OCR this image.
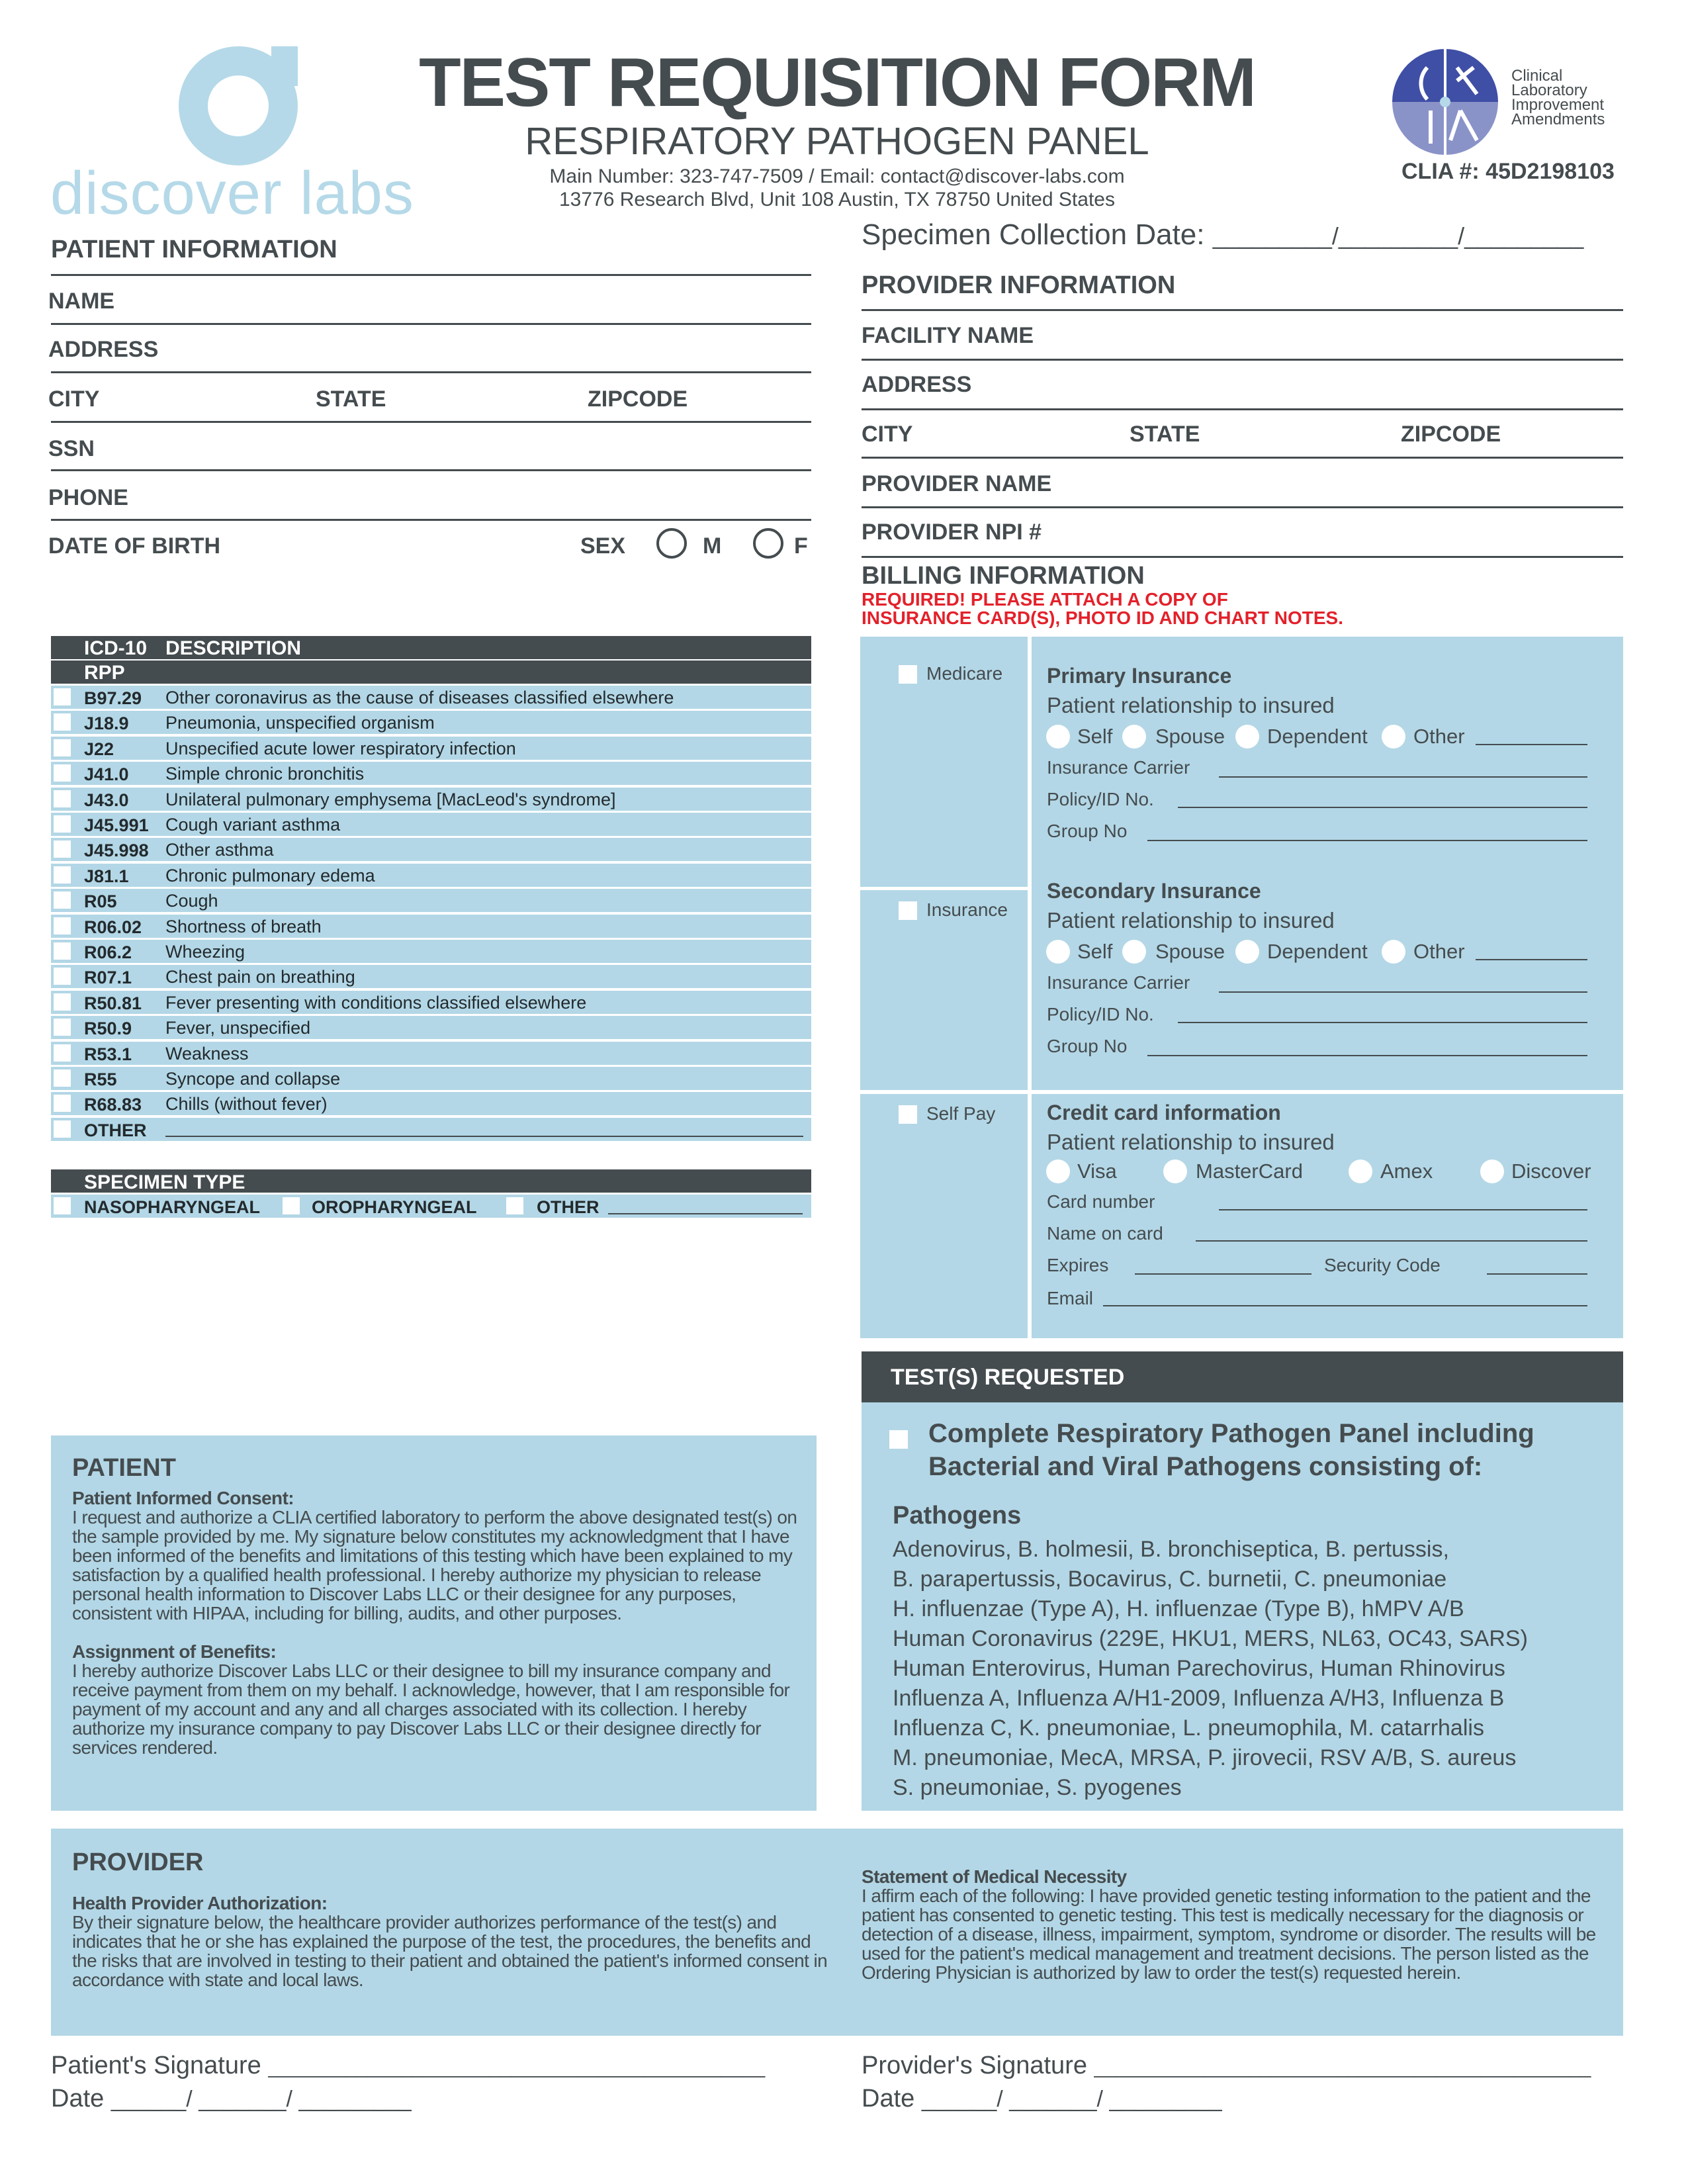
discover labs
TEST REQUISITION FORM
RESPIRATORY PATHOGEN PANEL
Main Number: 323-747-7509 / Email: contact@discover-labs.com
13776 Research Blvd, Unit 108 Austin, TX 78750 United States
Clinical
Laboratory
Improvement
Amendments
CLIA #: 45D2198103
PATIENT INFORMATION
NAME
ADDRESS
CITY	STATE	ZIPCODE
SSN
PHONE
DATE OF BIRTH	SEX	M	F
Specimen Collection Date: _________/_________/_________
PROVIDER INFORMATION
FACILITY NAME
ADDRESS
CITY	STATE	ZIPCODE
PROVIDER NAME
PROVIDER NPI #
BILLING INFORMATION
REQUIRED! PLEASE ATTACH A COPY OF
INSURANCE CARD(S), PHOTO ID AND CHART NOTES.
Medicare
Insurance
Self Pay
Primary Insurance
Patient relationship to insured
Self Spouse Dependent Other
Insurance Carrier
Policy/ID No.
Group No
Secondary Insurance
Patient relationship to insured
Self Spouse Dependent Other
Insurance Carrier
Policy/ID No.
Group No
Credit card information
Patient relationship to insured
Visa	MasterCard	Amex	Discover
Card number
Name on card
Expires	Security Code
Email
ICD-10 DESCRIPTION
RPP
B97.29 Other coronavirus as the cause of diseases classified elsewhere
J18.9 Pneumonia, unspecified organism
J22	Unspecified acute lower respiratory infection
J41.0 Simple chronic bronchitis
J43.0 Unilateral pulmonary emphysema [MacLeod's syndrome]
J45.991 Cough variant asthma
J45.998 Other asthma
J81.1 Chronic pulmonary edema
R05	Cough
R06.02 Shortness of breath
R06.2 Wheezing
R07.1 Chest pain on breathing
R50.81 Fever presenting with conditions classified elsewhere
R50.9 Fever, unspecified
R53.1 Weakness
R55	Syncope and collapse
R68.83 Chills (without fever)
OTHER
SPECIMEN TYPE
NASOPHARYNGEAL	OROPHARYNGEAL	OTHER
TEST(S) REQUESTED
Complete Respiratory Pathogen Panel including
Bacterial and Viral Pathogens consisting of:
Pathogens
Adenovirus, B. holmesii, B. bronchiseptica, B. pertussis,
B. parapertussis, Bocavirus, C. burnetii, C. pneumoniae
H. influenzae (Type A), H. influenzae (Type B), hMPV A/B
Human Coronavirus (229E, HKU1, MERS, NL63, OC43, SARS)
Human Enterovirus, Human Parechovirus, Human Rhinovirus
Influenza A, Influenza A/H1-2009, Influenza A/H3, Influenza B
Influenza C, K. pneumoniae, L. pneumophila, M. catarrhalis
M. pneumoniae, MecA, MRSA, P. jirovecii, RSV A/B, S. aureus
S. pneumoniae, S. pyogenes
PATIENT
Patient Informed Consent:
I request and authorize a CLIA certified laboratory to perform the above designated test(s) on the sample provided by me. My signature below constitutes my acknowledgment that I have been informed of the benefits and limitations of this testing which have been explained to my satisfaction by a qualified health professional. I hereby authorize my physician to release personal health information to Discover Labs LLC or their designee for any purposes, consistent with HIPAA, including for billing, audits, and other purposes.
Assignment of Benefits:
I hereby authorize Discover Labs LLC or their designee to bill my insurance company and receive payment from them on my behalf. I acknowledge, however, that I am responsible for payment of my account and any and all charges associated with its collection. I hereby authorize my insurance company to pay Discover Labs LLC or their designee directly for services rendered.
PROVIDER
Health Provider Authorization:
By their signature below, the healthcare provider authorizes performance of the test(s) and indicates that he or she has explained the purpose of the test, the procedures, the benefits and the risks that are involved in testing to their patient and obtained the patient's informed consent in accordance with state and local laws.
Statement of Medical Necessity
I affirm each of the following: I have provided genetic testing information to the patient and the patient has consented to genetic testing. This test is medically necessary for the diagnosis or detection of a disease, illness, impairment, symptom, syndrome or disorder. The results will be used for the patient's medical management and treatment decisions. The person listed as the Ordering Physician is authorized by law to order the test(s) requested herein.
Patient's Signature _____________________________________________
Date ______/ _______/ _________
Provider's Signature _____________________________________________
Date ______/ _______/ _________
